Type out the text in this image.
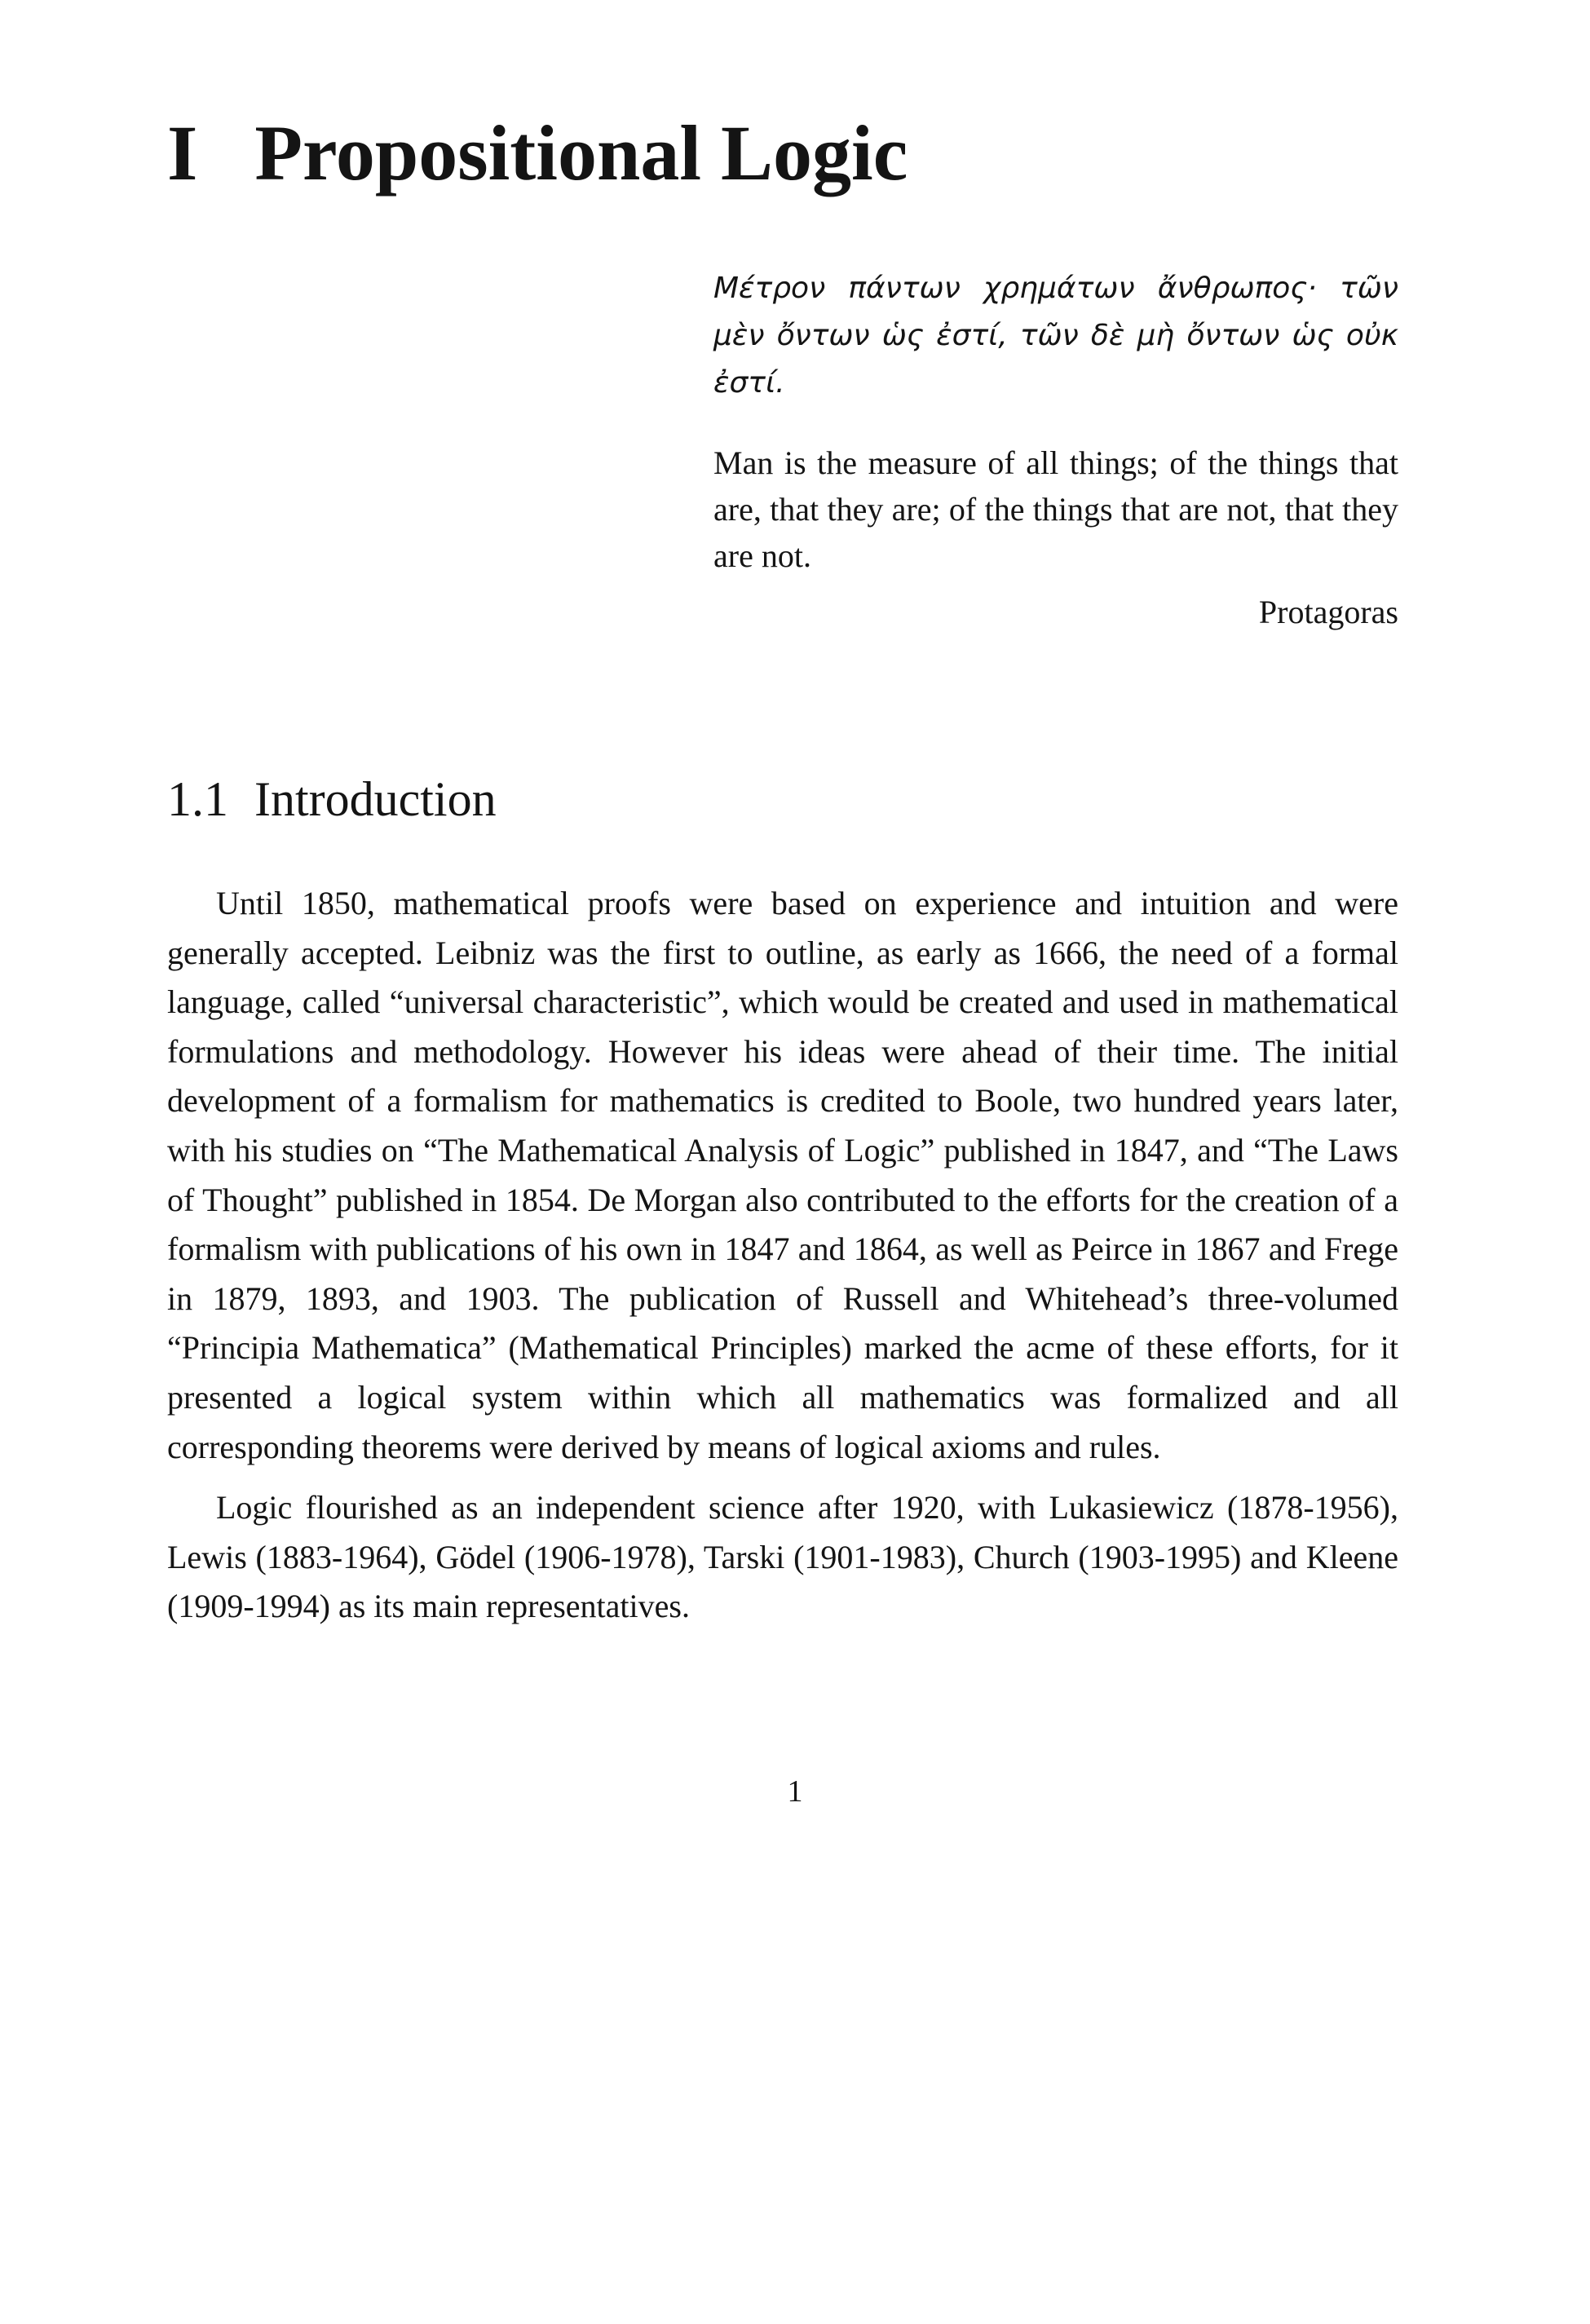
I Propositional Logic

Μέτρον πάντων χρημάτων ἄνθρωπος· τῶν μὲν ὄντων ὡς ἐστί, τῶν δὲ μὴ ὄντων ὡς οὐκ ἐστί.

Man is the measure of all things; of the things that are, that they are; of the things that are not, that they are not.

Protagoras

1.1 Introduction

Until 1850, mathematical proofs were based on experience and intuition and were generally accepted. Leibniz was the first to outline, as early as 1666, the need of a formal language, called “universal characteristic”, which would be created and used in mathematical formulations and methodology. However his ideas were ahead of their time. The initial development of a formalism for mathematics is credited to Boole, two hundred years later, with his studies on “The Mathematical Analysis of Logic” published in 1847, and “The Laws of Thought” published in 1854. De Morgan also contributed to the efforts for the creation of a formalism with publications of his own in 1847 and 1864, as well as Peirce in 1867 and Frege in 1879, 1893, and 1903. The publication of Russell and Whitehead’s three-volumed “Principia Mathematica” (Mathematical Principles) marked the acme of these efforts, for it presented a logical system within which all mathematics was formalized and all corresponding theorems were derived by means of logical axioms and rules.

Logic flourished as an independent science after 1920, with Lukasiewicz (1878-1956), Lewis (1883-1964), Gödel (1906-1978), Tarski (1901-1983), Church (1903-1995) and Kleene (1909-1994) as its main representatives.

1
